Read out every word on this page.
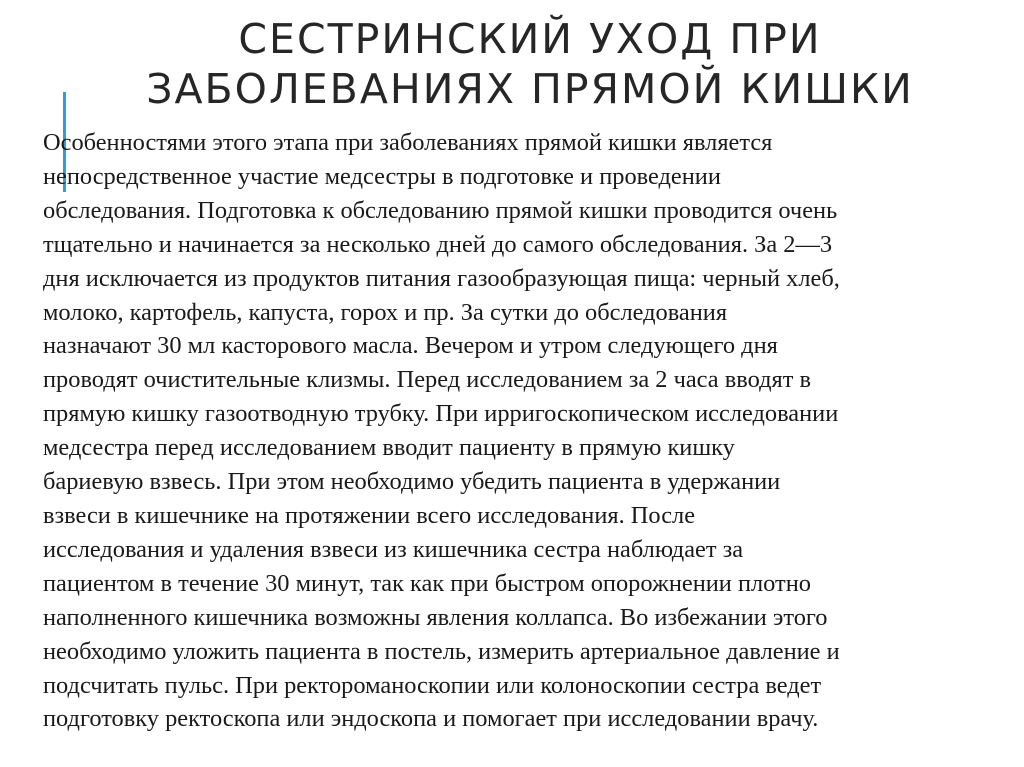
СЕСТРИНСКИЙ УХОД ПРИ
ЗАБОЛЕВАНИЯХ ПРЯМОЙ КИШКИ
Особенностями этого этапа при заболеваниях прямой кишки является
непосредственное участие медсестры в подготовке и проведении
обследования. Подготовка к обследованию прямой кишки проводится очень
тщательно и начинается за несколько дней до самого обследования. За 2—3
дня исключается из продуктов питания газообразующая пища: черный хлеб,
молоко, картофель, капуста, горох и пр. За сутки до обследования
назначают 30 мл касторового масла. Вечером и утром следующего дня
проводят очистительные клизмы. Перед исследованием за 2 часа вводят в
прямую кишку газоотводную трубку. При ирригоскопическом исследовании
медсестра перед исследованием вводит пациенту в прямую кишку
бариевую взвесь. При этом необходимо убедить пациента в удержании
взвеси в кишечнике на протяжении всего исследования. После
исследования и удаления взвеси из кишечника сестра наблюдает за
пациентом в течение 30 минут, так как при быстром опорожнении плотно
наполненного кишечника возможны явления коллапса. Во избежании этого
необходимо уложить пациента в постель, измерить артериальное давление и
подсчитать пульс. При ректороманоскопии или колоноскопии сестра ведет
подготовку ректоскопа или эндоскопа и помогает при исследовании врачу.
